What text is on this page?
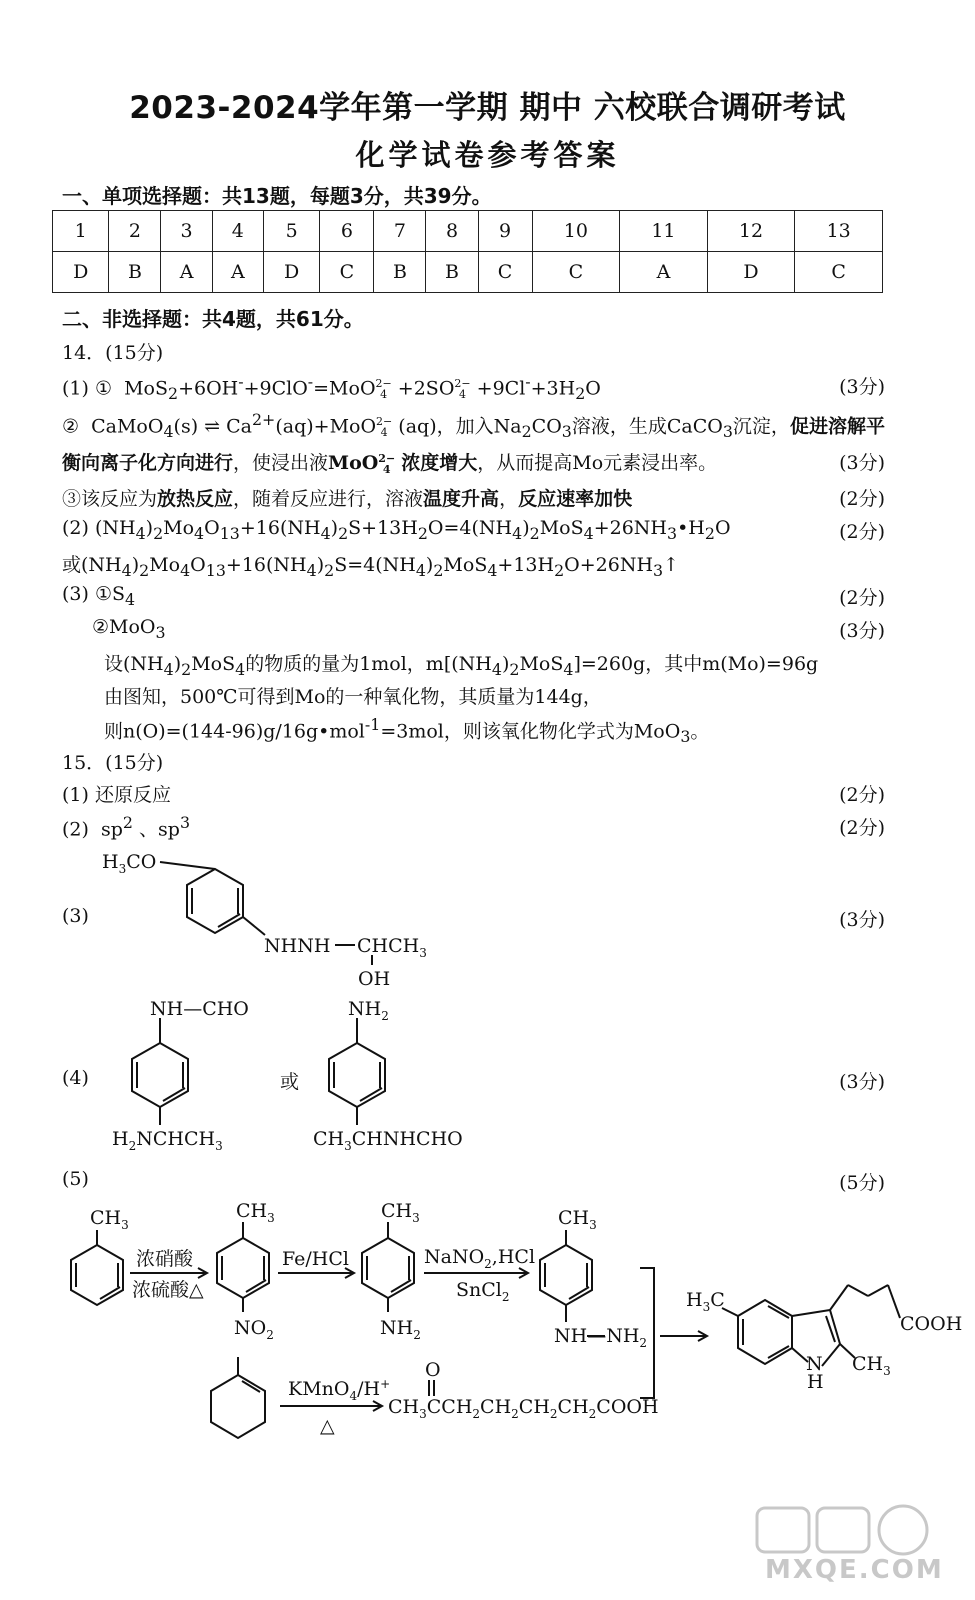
2023-2024学年第一学期 期中 六校联合调研考试
化学试卷参考答案
一、单项选择题：共13题，每题3分，共39分。
1	2	3	4	5	6	7	8	9	10	11	12	13
D	B	A	A	D	C	B	B	C	C	A	D	C
二、非选择题：共4题，共61分。
14．(15分)
(1) ①  MoS$_2$+6OH-+9ClO-=MoO2−
4 +2SO2−
$4 +9Cl^-+3H_2O$	(3分)
②  CaMoO$_4$(s) ⇌ $Ca^{2+}(aq)+MoO2-$
4 (aq)，加入$Na_2CO_3$溶液，生成CaCO$_3$沉淀，促进溶解平
衡向离子化方向进行，使浸出液MoO2−
4 浓度增大，从而提高Mo元素浸出率。	(3分)
③该反应为放热反应，随着反应进行，溶液温度升高，反应速率加快	(2分)
(2) $(NH_4)_2Mo_4O_{13}+16(NH_4)_2S+13H_2O=4(NH_4)_2MoS_4+26NH_3•H_2O$	(2分)
或$(NH_4)_2Mo_4O_{13}+16(NH_4)_2S=4(NH_4)_2MoS_4+13H_2O+26NH_3↑$
(3) $①S_4$	(2分)
②MoO$_3$	(3分)
设$(NH_4)_2MoS_4$的物质的量为1mol，$m[(NH_4)_2MoS_4]=260g$，其中m(Mo)=96g
由图知，500℃可得到Mo的一种氧化物，其质量为144g，
则n(O)=(144-96)g/16g•mol$^{-1}$=3mol，则该氧化物化学式为MoO$_3$。
15．(15分)
(1) 还原反应	(2分)
(2)  $sp^2$ 、$sp^3$	(2分)
(3)	(3分)
(4)	或	(3分)
(5)	(5分)
$H_3CO$
NHNH $CHCH_3$
OH
NH—CHO
$H_2NCHCH_3$
$NH_2$
$CH_3CHNHCHO$
$CH_3$
浓硝酸
浓硫酸△
$CH_3$
$NO_2$
Fe/HCl
$CH_3$
$NH_2$
NaNO$_2$,HCl
SnCl$_2$
$CH_3$
$NH—NH_2$
$H_3C$
COOH
N
H
$CH_3$
KMnO$_4$/H+
△
O
$CH_3CCH_2CH_2CH_2CH_2COOH$
MXQE.COM
